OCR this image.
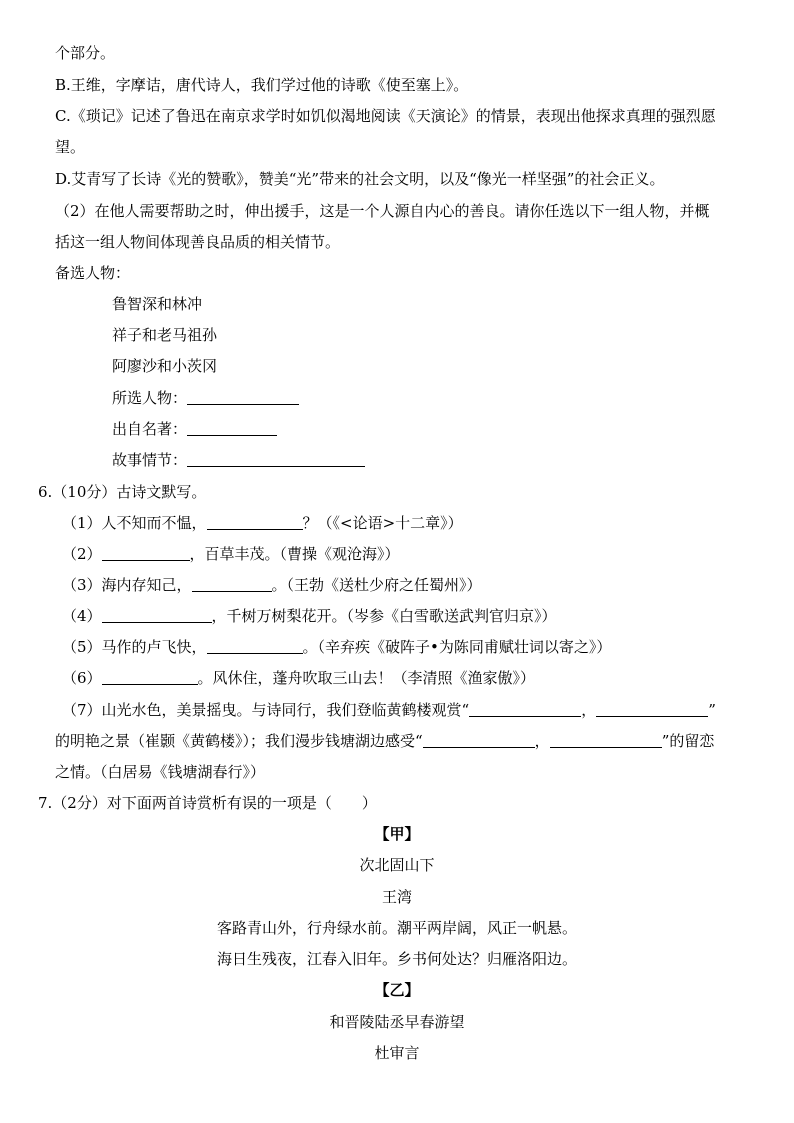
个部分。
B.王维，字摩诘，唐代诗人，我们学过他的诗歌《使至塞上》。
C.《琐记》记述了鲁迅在南京求学时如饥似渴地阅读《天演论》的情景，表现出他探求真理的强烈愿
望。
D.艾青写了长诗《光的赞歌》，赞美“光”带来的社会文明，以及“像光一样坚强”的社会正义。
（2）在他人需要帮助之时，伸出援手，这是一个人源自内心的善良。请你任选以下一组人物，并概
括这一组人物间体现善良品质的相关情节。
备选人物：
鲁智深和林冲
祥子和老马祖孙
阿廖沙和小茨冈
所选人物：
出自名著：
故事情节：
6.（10分）古诗文默写。
（1）人不知而不愠，	？（《<论语>十二章》）
（2）	，百草丰茂。（曹操《观沧海》）
（3）海内存知己，	。（王勃《送杜少府之任蜀州》）
（4）	，千树万树梨花开。（岑参《白雪歌送武判官归京》）
（5）马作的卢飞快，	。（辛弃疾《破阵子•为陈同甫赋壮词以寄之》）
（6）	。风休住，蓬舟吹取三山去！（李清照《渔家傲》）
（7）山光水色，美景摇曳。与诗同行，我们登临黄鹤楼观赏“	，	”
的明艳之景（崔颢《黄鹤楼》）；我们漫步钱塘湖边感受“	，	”的留恋
之情。（白居易《钱塘湖春行》）
7.（2分）对下面两首诗赏析有误的一项是（　　）
【甲】
次北固山下
王湾
客路青山外，行舟绿水前。潮平两岸阔，风正一帆悬。
海日生残夜，江春入旧年。乡书何处达？归雁洛阳边。
【乙】
和晋陵陆丞早春游望
杜审言
